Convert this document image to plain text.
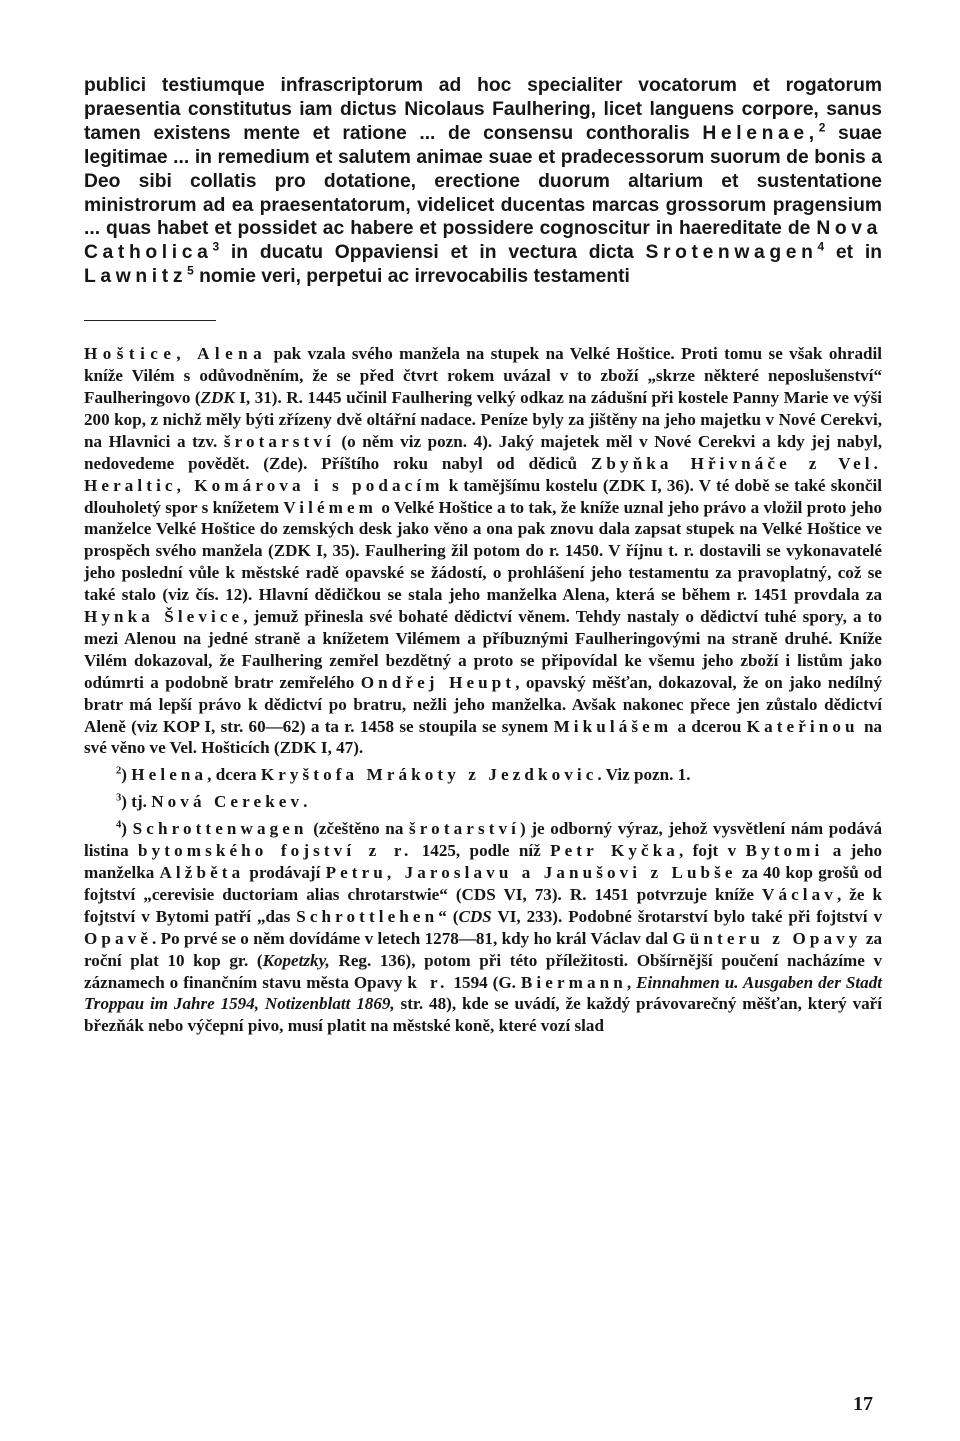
publici testiumque infrascriptorum ad hoc specialiter vocatorum et rogatorum praesentia constitutus iam dictus Nicolaus Faulhering, licet languens corpore, sanus tamen existens mente et ratione ... de consensu conthoralis Helenae,$^2$ suae legitimae ... in remedium et salutem animae suae et pradecessorum suorum de bonis a Deo sibi collatis pro dotatione, erectione duorum altarium et sustentatione ministrorum ad ea praesentatorum, videlicet ducentas marcas grossorum pragensium ... quas habet et possidet ac habere et possidere cognoscitur in haereditate de Nova Catholica$^3$ in ducatu Oppaviensi et in vectura dicta Srotenwagen$^4$ et in Lawnitz$^5$ nomie veri, perpetui ac irrevocabilis testamenti

Hoštice, Alena pak vzala svého manžela na stupek na Velké Hoštice. Proti tomu se však ohradil kníže Vilém s odůvodněním, že se před čtvrt rokem uvázal v to zboží „skrze některé neposlušenství“ Faulheringovo (ZDK I, 31). R. 1445 učinil Faulhering velký odkaz na zádušní při kostele Panny Marie ve výši 200 kop, z nichž měly býti zřízeny dvě oltářní nadace. Peníze byly za jištěny na jeho majetku v Nové Cerekvi, na Hlavnici a tzv. šrotarství (o něm viz pozn. 4). Jaký majetek měl v Nové Cerekvi a kdy jej nabyl, nedovedeme povědět. (Zde). Příštího roku nabyl od dědiců Zbyňka Hřivnáče z Vel. Heraltic, Komárova i s podacím k tamějšímu kostelu (ZDK I, 36). V té době se také skončil dlouholetý spor s knížetem Vilémem o Velké Hoštice a to tak, že kníže uznal jeho právo a vložil proto jeho manželce Velké Hoštice do zemských desk jako věno a ona pak znovu dala zapsat stupek na Velké Hoštice ve prospěch svého manžela (ZDK I, 35). Faulhering žil potom do r. 1450. V říjnu t. r. dostavili se vykonavatelé jeho poslední vůle k městské radě opavské se žádostí, o prohlášení jeho testamentu za pravoplatný, což se také stalo (viz čís. 12). Hlavní dědičkou se stala jeho manželka Alena, která se během r. 1451 provdala za Hynka Šlevice, jemuž přinesla své bohaté dědictví věnem. Tehdy nastaly o dědictví tuhé spory, a to mezi Alenou na jedné straně a knížetem Vilémem a příbuznými Faulheringovými na straně druhé. Kníže Vilém dokazoval, že Faulhering zemřel bezdětný a proto se připovídal ke všemu jeho zboží i listům jako odúmrti a podobně bratr zemřelého Ondřej Heupt, opavský měšťan, dokazoval, že on jako nedílný bratr má lepší právo k dědictví po bratru, nežli jeho manželka. Avšak nakonec přece jen zůstalo dědictví Aleně (viz KOP I, str. 60—62) a ta r. 1458 se stoupila se synem Mikulášem a dcerou Kateřinou na své věno ve Vel. Hošticích (ZDK I, 47).

$^2$) Helena, dcera Kryštofa Mrákoty z Jezdkovic. Viz pozn. 1.

$^3$) tj. Nová Cerekev.

$^4$) Schrottenwagen (zčeštěno na šrotarství) je odborný výraz, jehož vysvětlení nám podává listina bytomského fojství z r. 1425, podle níž Petr Kyčka, fojt v Bytomi a jeho manželka Alžběta prodávají Petru, Jaroslavu a Janušovi z Lubše za 40 kop grošů od fojtství „cerevisie ductoriam alias chrotarstwie“ (CDS VI, 73). R. 1451 potvrzuje kníže Václav, že k fojtství v Bytomi patří „das Schrottlehen“ (CDS VI, 233). Podobné šrotarství bylo také při fojtství v Opavě. Po prvé se o něm dovídáme v letech 1278—81, kdy ho král Václav dal Günteru z Opavy za roční plat 10 kop gr. (Kopetzky, Reg. 136), potom při této příležitosti. Obšírnější poučení nacházíme v záznamech o finančním stavu města Opavy k r. 1594 (G. Biermann, Einnahmen u. Ausgaben der Stadt Troppau im Jahre 1594, Notizenblatt 1869, str. 48), kde se uvádí, že každý právovarečný měšťan, který vaří březňák nebo výčepní pivo, musí platit na městské koně, které vozí slad

17
